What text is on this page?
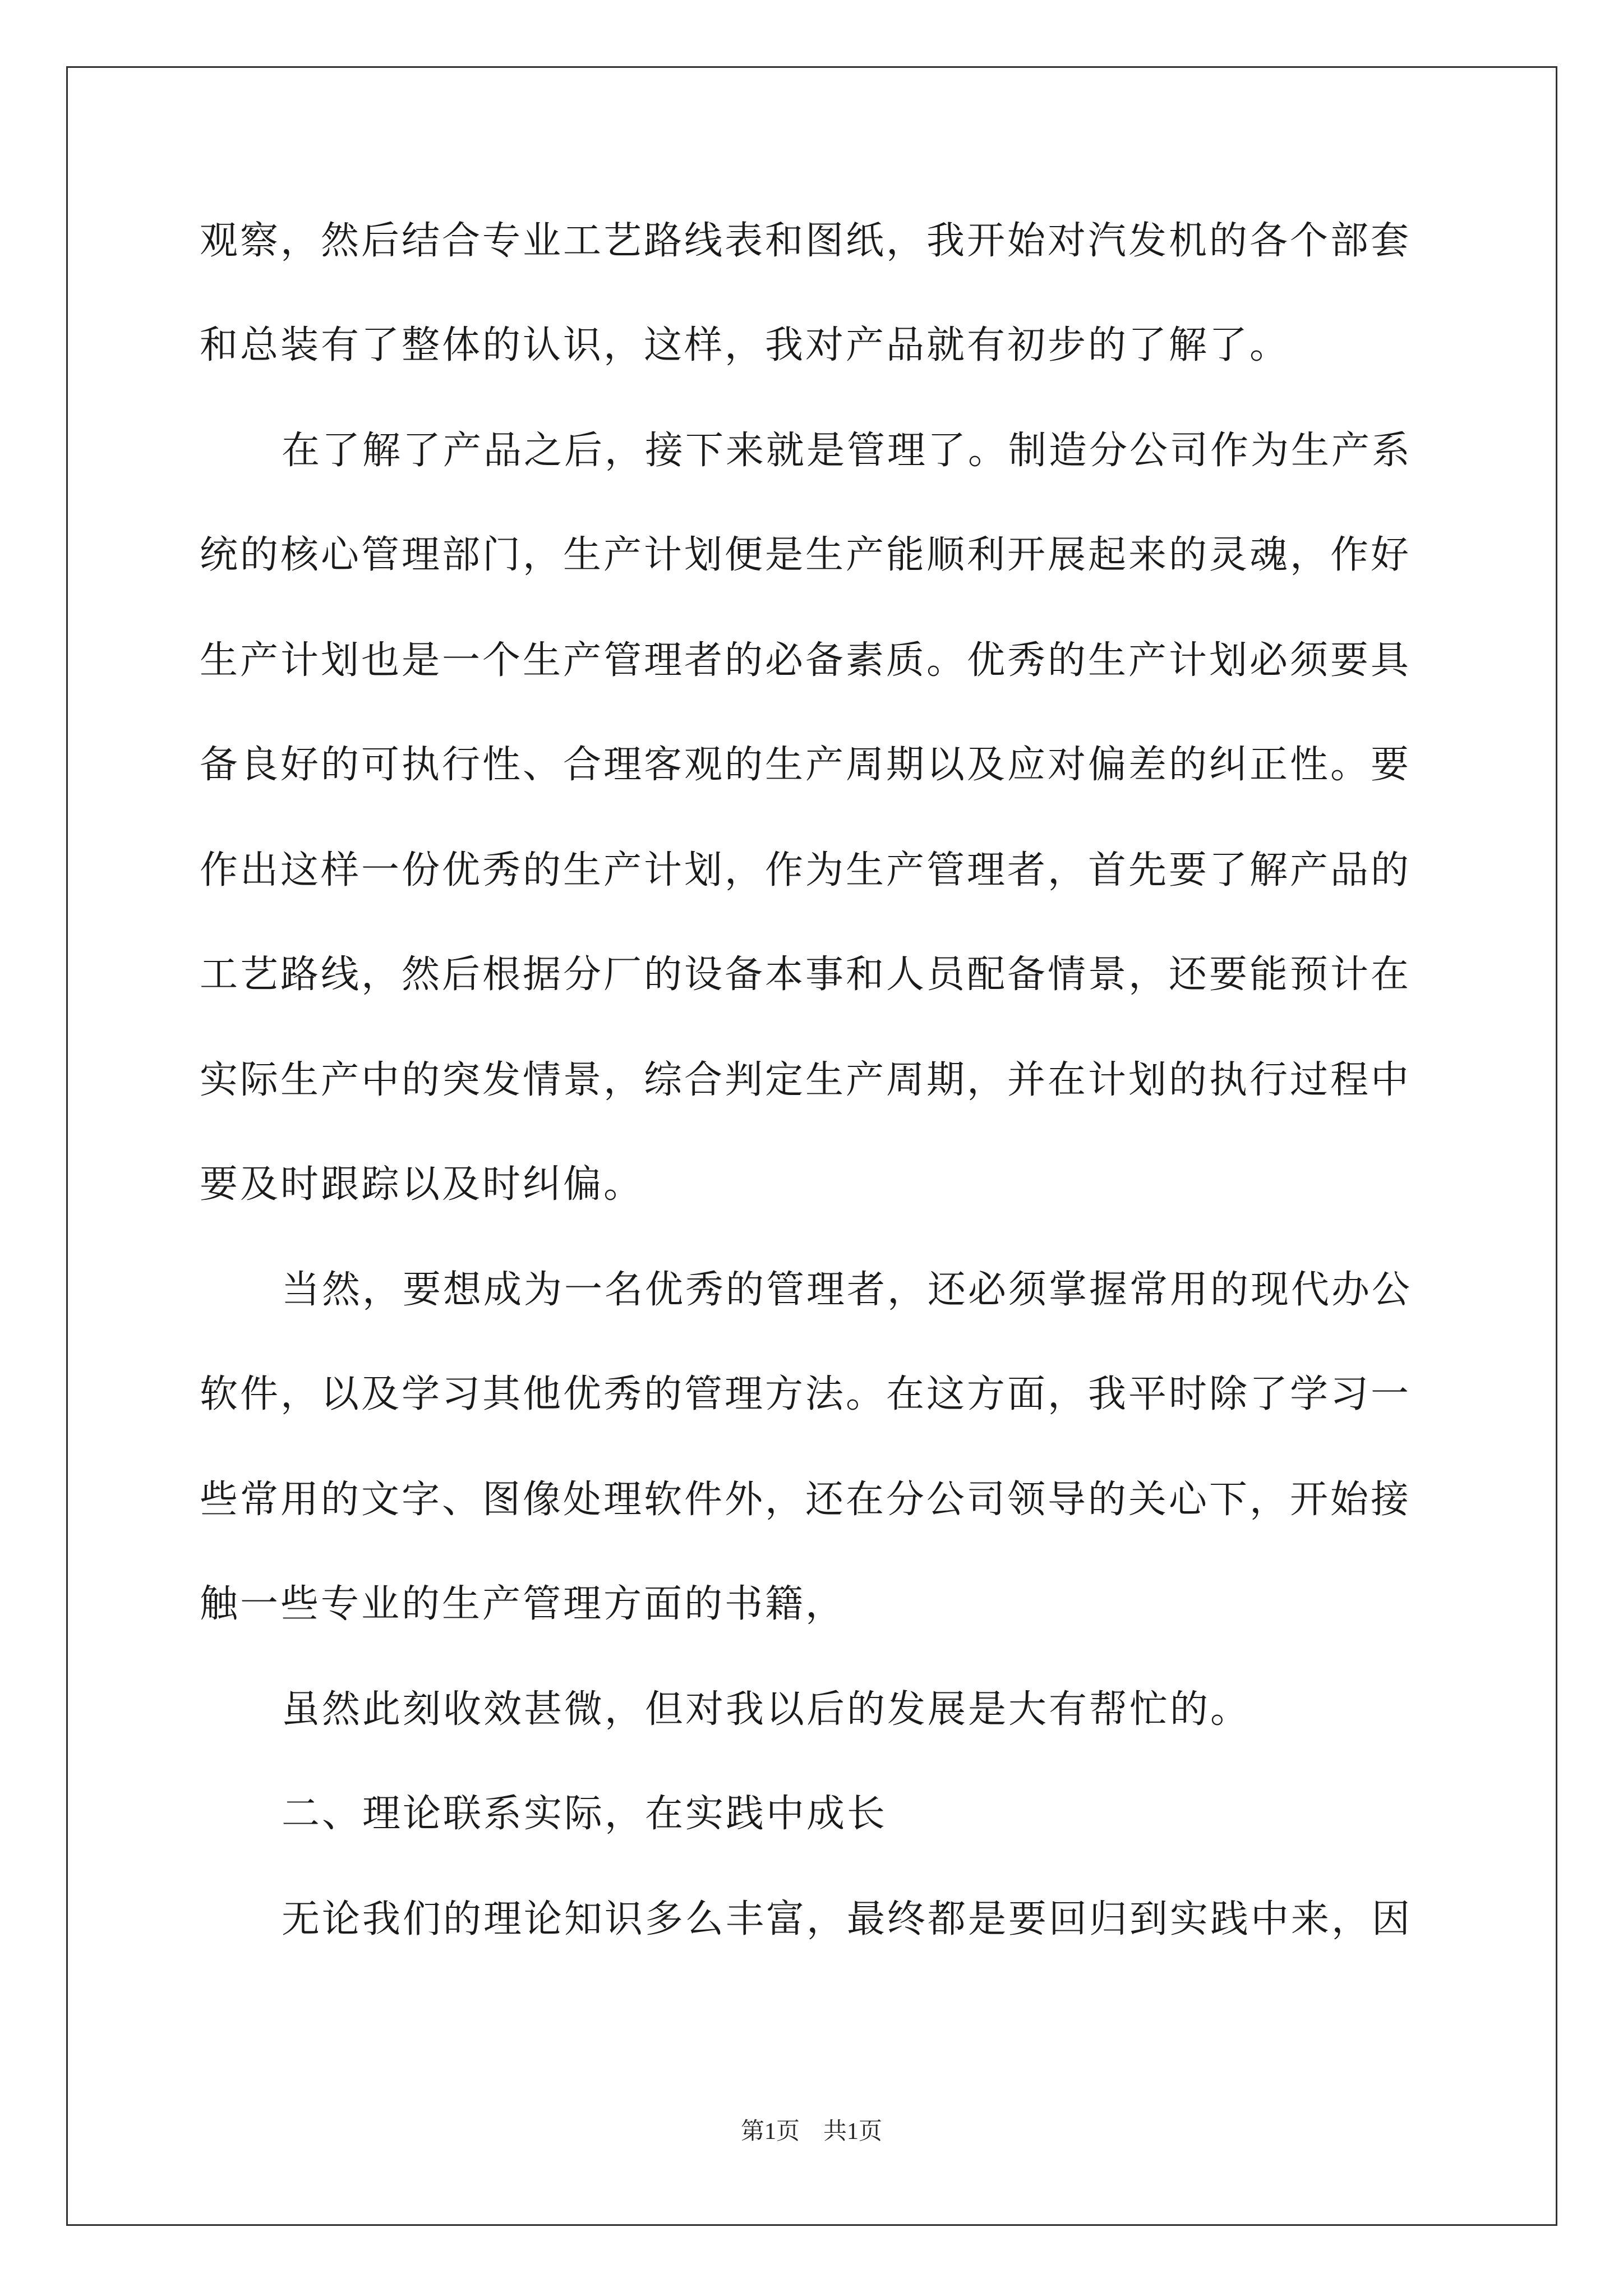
观察，然后结合专业工艺路线表和图纸，我开始对汽发机的各个部套
和总装有了整体的认识，这样，我对产品就有初步的了解了。
在了解了产品之后，接下来就是管理了。制造分公司作为生产系
统的核心管理部门，生产计划便是生产能顺利开展起来的灵魂，作好
生产计划也是一个生产管理者的必备素质。优秀的生产计划必须要具
备良好的可执行性、合理客观的生产周期以及应对偏差的纠正性。要
作出这样一份优秀的生产计划，作为生产管理者，首先要了解产品的
工艺路线，然后根据分厂的设备本事和人员配备情景，还要能预计在
实际生产中的突发情景，综合判定生产周期，并在计划的执行过程中
要及时跟踪以及时纠偏。
当然，要想成为一名优秀的管理者，还必须掌握常用的现代办公
软件，以及学习其他优秀的管理方法。在这方面，我平时除了学习一
些常用的文字、图像处理软件外，还在分公司领导的关心下，开始接
触一些专业的生产管理方面的书籍，
虽然此刻收效甚微，但对我以后的发展是大有帮忙的。
二、理论联系实际，在实践中成长
无论我们的理论知识多么丰富，最终都是要回归到实践中来，因
第1页　共1页
